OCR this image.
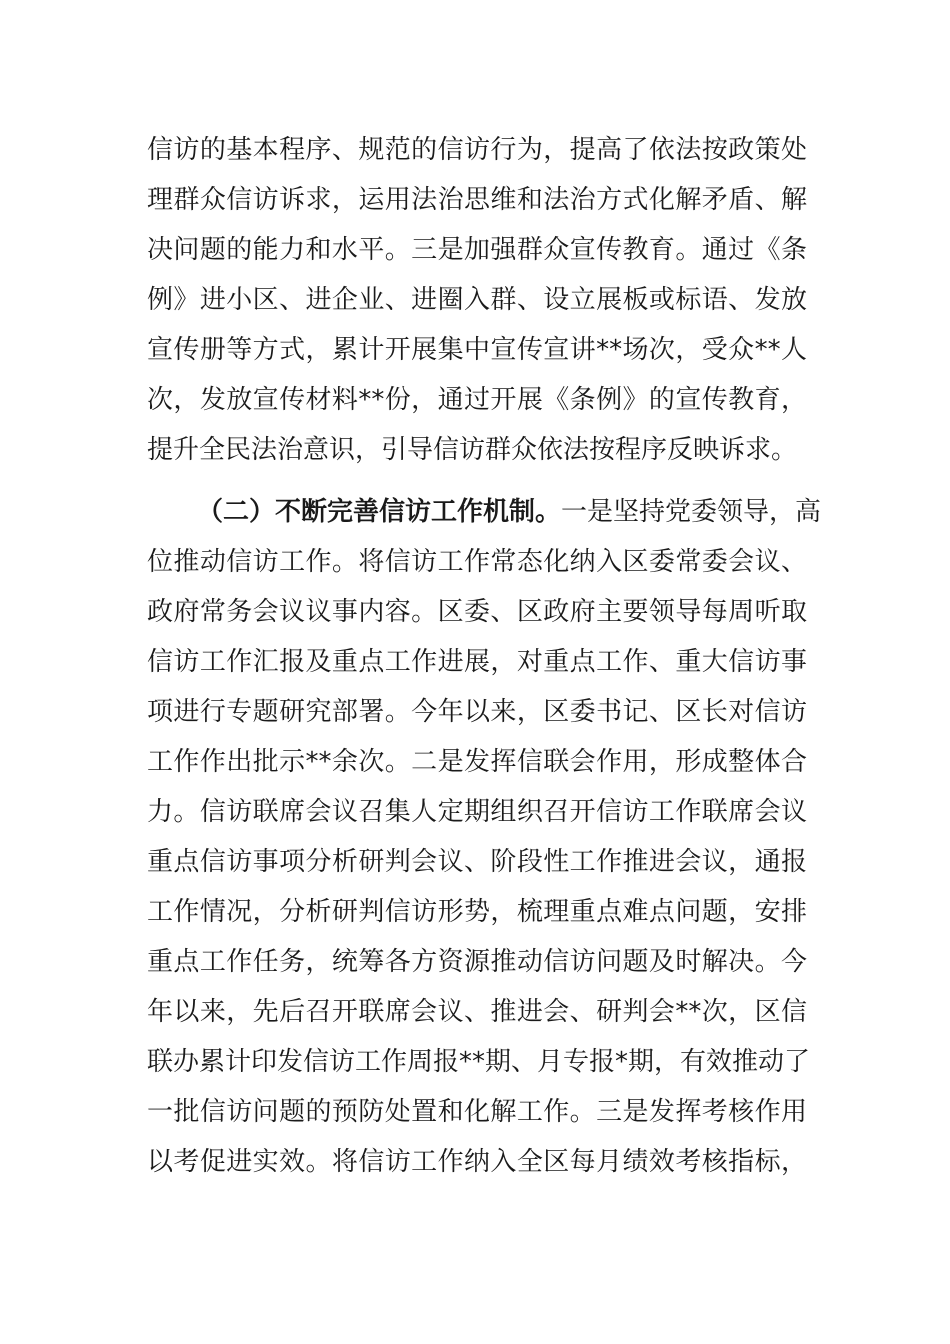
信访的基本程序、规范的信访行为，提高了依法按政策处
理群众信访诉求，运用法治思维和法治方式化解矛盾、解
决问题的能力和水平。三是加强群众宣传教育。通过《条
例》进小区、进企业、进圈入群、设立展板或标语、发放
宣传册等方式，累计开展集中宣传宣讲**场次，受众**人
次，发放宣传材料**份，通过开展《条例》的宣传教育，
提升全民法治意识，引导信访群众依法按程序反映诉求。
（二）不断完善信访工作机制。一是坚持党委领导，高
位推动信访工作。将信访工作常态化纳入区委常委会议、
政府常务会议议事内容。区委、区政府主要领导每周听取
信访工作汇报及重点工作进展，对重点工作、重大信访事
项进行专题研究部署。今年以来，区委书记、区长对信访
工作作出批示**余次。二是发挥信联会作用，形成整体合
力。信访联席会议召集人定期组织召开信访工作联席会议
重点信访事项分析研判会议、阶段性工作推进会议，通报
工作情况，分析研判信访形势，梳理重点难点问题，安排
重点工作任务，统筹各方资源推动信访问题及时解决。今
年以来，先后召开联席会议、推进会、研判会**次，区信
联办累计印发信访工作周报**期、月专报*期，有效推动了
一批信访问题的预防处置和化解工作。三是发挥考核作用
以考促进实效。将信访工作纳入全区每月绩效考核指标，
